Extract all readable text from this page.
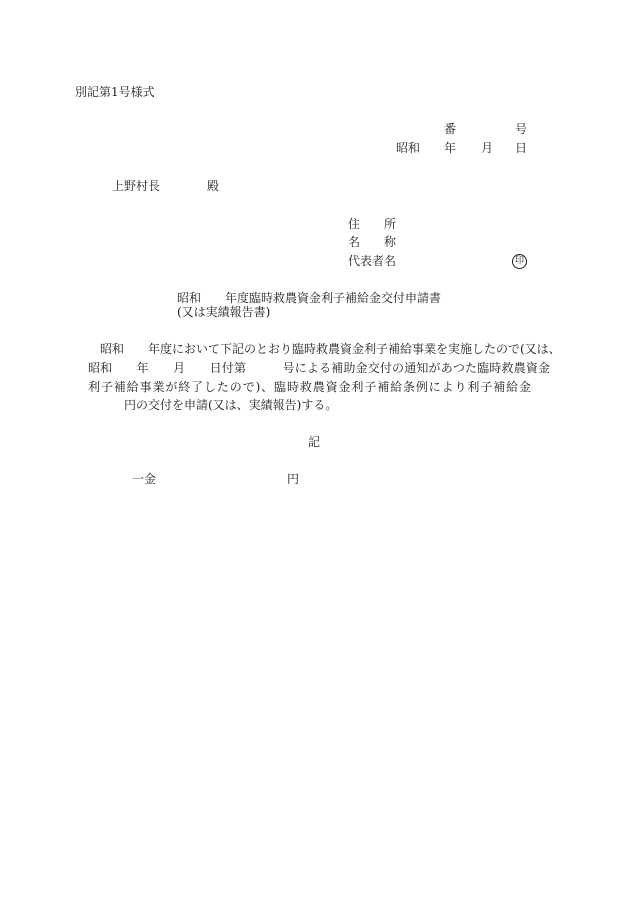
別記第1号様式
番	号
昭和 年 月 日
上野村長	殿
住　　所
名　　称
代表者名	印
昭和　　年度臨時救農資金利子補給金交付申請書
(又は実績報告書)
昭和　　年度において下記のとおり臨時救農資金利子補給事業を実施したので(又は、
昭和　　年　　月　　日付第　　　号による補助金交付の通知があつた臨時救農資金
利子補給事業が終了したので)、臨時救農資金利子補給条例により利子補給金
円の交付を申請(又は、実績報告)する。
記
一金	円
